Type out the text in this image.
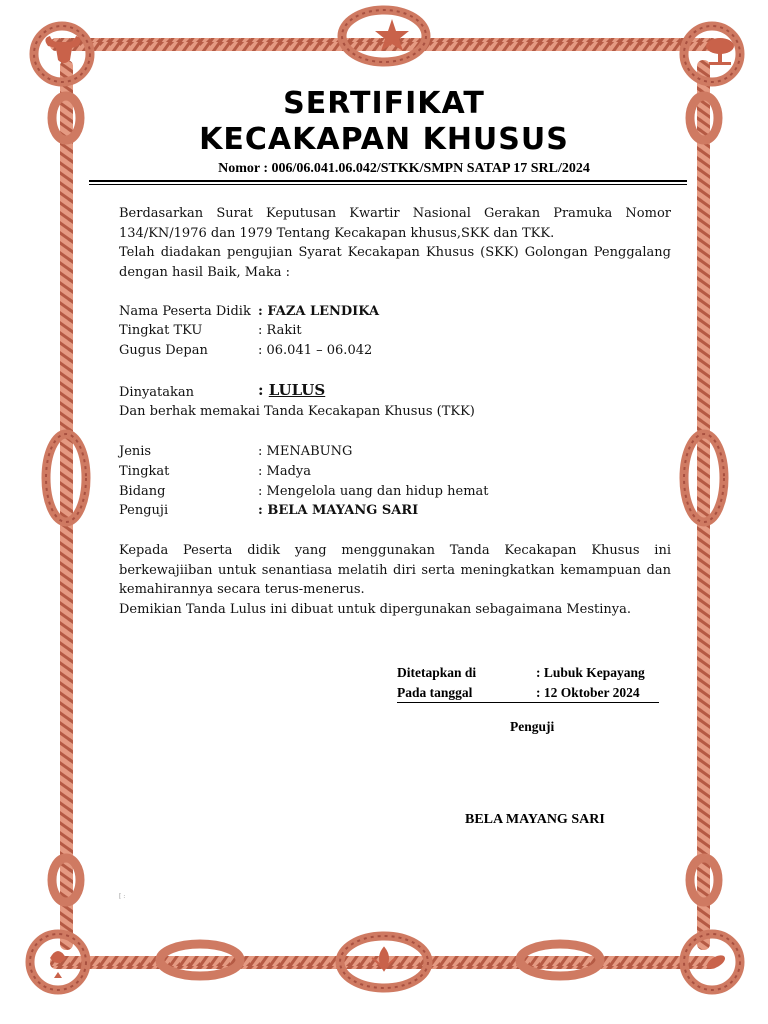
SERTIFIKAT
KECAKAPAN KHUSUS
Nomor : 006/06.041.06.042/STKK/SMPN SATAP 17 SRL/2024
Berdasarkan Surat Keputusan Kwartir Nasional Gerakan Pramuka Nomor 134/KN/1976 dan 1979 Tentang Kecakapan khusus,SKK dan TKK.
Telah diadakan pengujian Syarat Kecakapan Khusus (SKK) Golongan Penggalang dengan hasil Baik, Maka :
Nama Peserta Didik : FAZA LENDIKA
Tingkat TKU	: Rakit
Gugus Depan	: 06.041 – 06.042
Dinyatakan	: LULUS
Dan berhak memakai Tanda Kecakapan Khusus (TKK)
Jenis	: MENABUNG
Tingkat	: Madya
Bidang	: Mengelola uang dan hidup hemat
Penguji	: BELA MAYANG SARI
Kepada Peserta didik yang menggunakan Tanda Kecakapan Khusus ini berkewajiiban untuk senantiasa melatih diri serta meningkatkan kemampuan dan kemahirannya secara terus-menerus.
Demikian Tanda Lulus ini dibuat untuk dipergunakan sebagaimana Mestinya.
Ditetapkan di	: Lubuk Kepayang
Pada tanggal	: 12 Oktober 2024
Penguji
BELA MAYANG SARI
[ :
